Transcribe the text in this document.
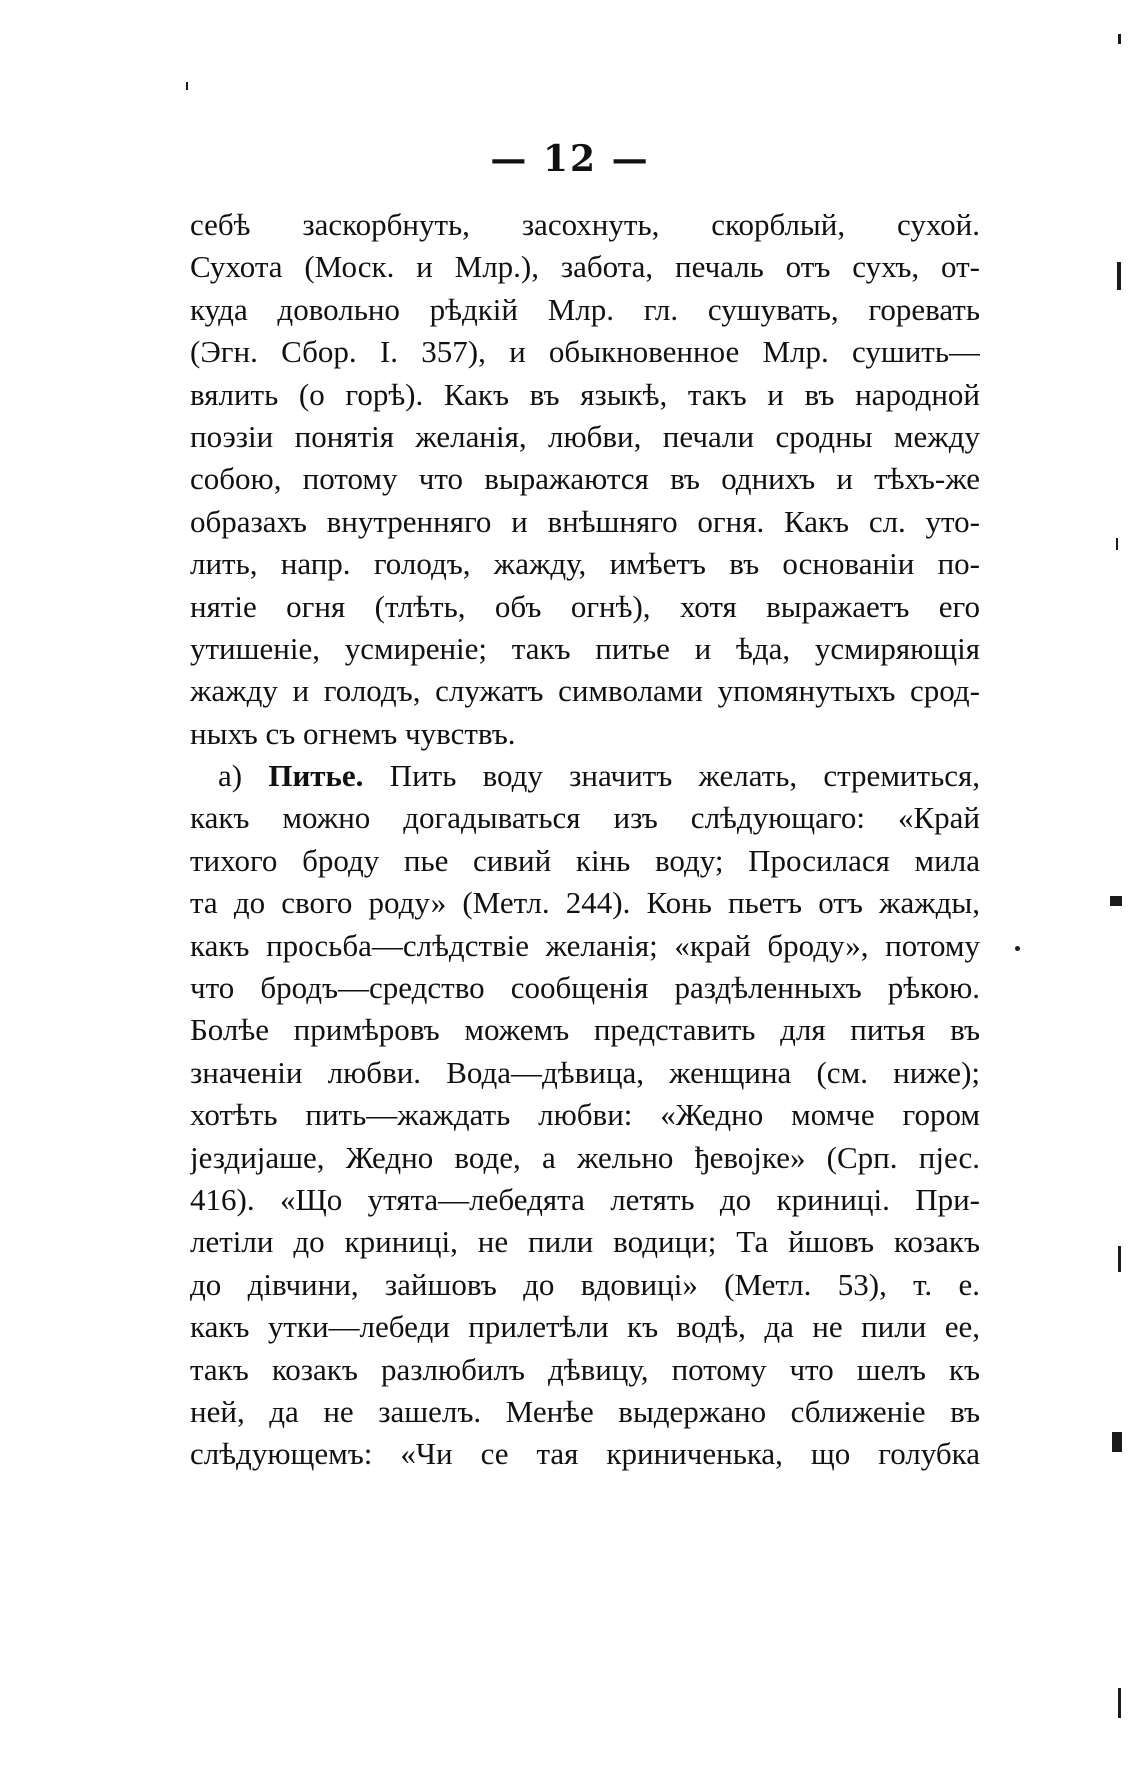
— 12 —
себѣ заскорбнуть, засохнуть, скорблый, сухой.
Сухота (Моск. и Млр.), забота, печаль отъ сухъ, от-
куда довольно рѣдкій Млр. гл. сушувать, горевать
(Эгн. Сбор. I. 357), и обыкновенное Млр. сушить—
вялить (о горѣ). Какъ въ языкѣ, такъ и въ народной
поэзіи понятія желанія, любви, печали сродны между
собою, потому что выражаются въ однихъ и тѣхъ-же
образахъ внутренняго и внѣшняго огня. Какъ сл. уто-
лить, напр. голодъ, жажду, имѣетъ въ основаніи по-
нятіе огня (тлѣть, объ огнѣ), хотя выражаетъ его
утишеніе, усмиреніе; такъ питье и ѣда, усмиряющія
жажду и голодъ, служатъ символами упомянутыхъ срод-
ныхъ съ огнемъ чувствъ.
а) Питье. Пить воду значитъ желать, стремиться,
какъ можно догадываться изъ слѣдующаго: «Край
тихого броду пье сивий кінь воду; Просилася мила
та до свого роду» (Метл. 244). Конь пьетъ отъ жажды,
какъ просьба—слѣдствіе желанія; «край броду», потому
что бродъ—средство сообщенія раздѣленныхъ рѣкою.
Болѣе примѣровъ можемъ представить для питья въ
значеніи любви. Вода—дѣвица, женщина (см. ниже);
хотѣть пить—жаждать любви: «Жедно момче гором
jездиjаше, Жедно воде, а жельно ђевоjке» (Срп. пjес.
416). «Що утята—лебедята летять до криниці. При-
летіли до криниці, не пили водици; Та йшовъ козакъ
до дівчини, зайшовъ до вдовиці» (Метл. 53), т. е.
какъ утки—лебеди прилетѣли къ водѣ, да не пили ее,
такъ козакъ разлюбилъ дѣвицу, потому что шелъ къ
ней, да не зашелъ. Менѣе выдержано сближеніе въ
слѣдующемъ: «Чи се тая криниченька, що голубка
